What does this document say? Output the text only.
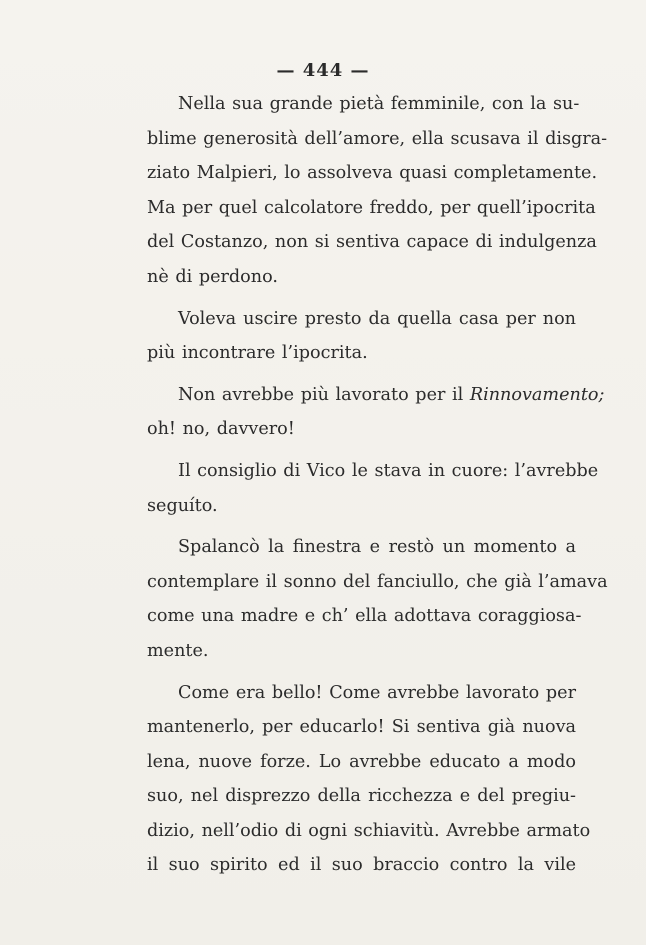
— 444 —

Nella sua grande pietà femminile, con la su-
blime generosità dell’amore, ella scusava il disgra-
ziato Malpieri, lo assolveva quasi completamente.
Ma per quel calcolatore freddo, per quell’ipocrita
del Costanzo, non si sentiva capace di indulgenza
nè di perdono.

Voleva uscire presto da quella casa per non
più incontrare l’ipocrita.

Non avrebbe più lavorato per il Rinnovamento;
oh! no, davvero!

Il consiglio di Vico le stava in cuore: l’avrebbe
seguíto.

Spalancò la finestra e restò un momento a
contemplare il sonno del fanciullo, che già l’amava
come una madre e ch’ ella adottava coraggiosa-
mente.

Come era bello! Come avrebbe lavorato per
mantenerlo, per educarlo! Si sentiva già nuova
lena, nuove forze. Lo avrebbe educato a modo
suo, nel disprezzo della ricchezza e del pregiu-
dizio, nell’odio di ogni schiavitù. Avrebbe armato
il suo spirito ed il suo braccio contro la vile
